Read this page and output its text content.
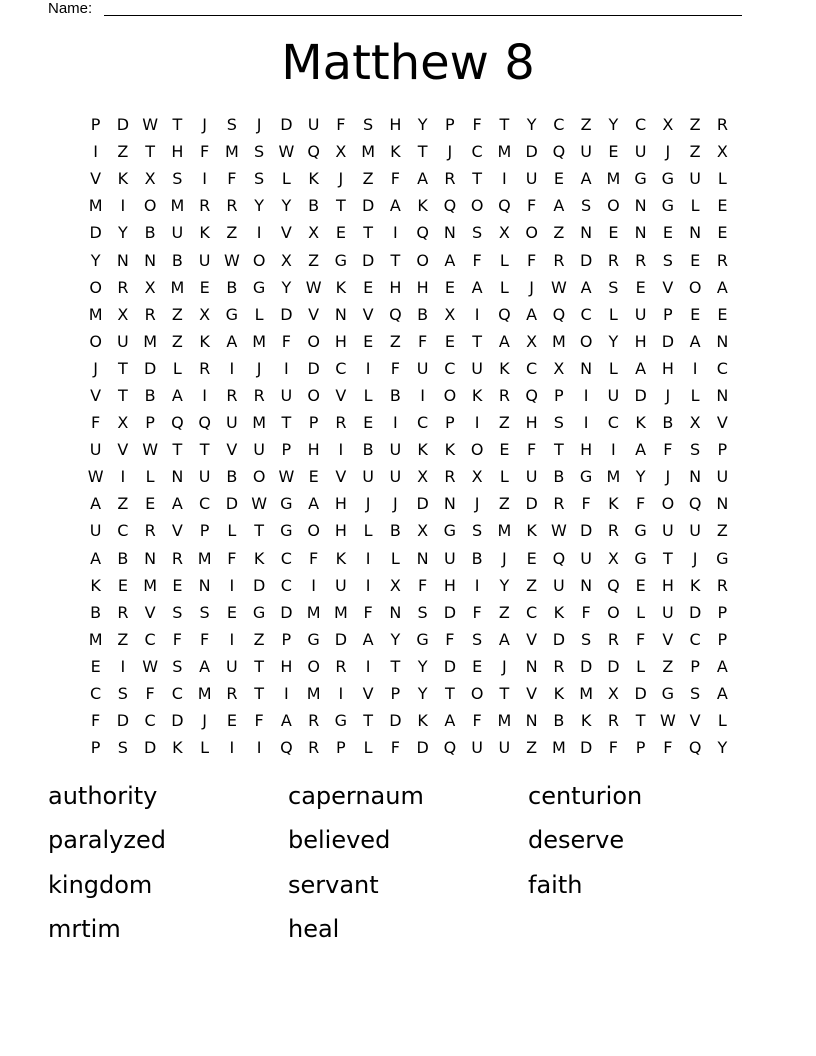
Name:
Matthew 8
P	D W T	J	S	J	D U	F	S	H	Y	P	F	T	Y	C	Z	Y	C	X	Z	R
I	Z	T	H	F M S W Q X M K	T	J	C M D Q U	E	U	J	Z	X
V	K	X	S	I	F	S	L	K	J	Z	F	A	R	T	I	U	E	A M G G U	L
M	I	O M R	R	Y	Y	B	T	D A	K Q O Q	F	A	S O N G	L	E
D	Y	B U	K	Z	I	V	X	E	T	I	Q N	S	X O Z N	E	N	E	N	E
Y	N N B U W O X	Z G D	T	O A	F	L	F	R D R	R	S	E	R
O R	X M E	B G	Y W K	E	H H	E	A	L	J	W A	S	E	V O A
M X	R	Z	X G	L	D V N V Q B	X	I	Q A Q C	L	U	P	E	E
O U M Z	K	A M F	O H	E	Z	F	E	T	A	X M O	Y	H D A N
J	T	D	L	R	I	J	I	D C	I	F	U C U	K	C	X N	L	A H	I	C
V	T	B	A	I	R	R U O V	L	B	I	O K	R Q	P	I	U D	J	L	N
F	X	P	Q Q U M T	P	R	E	I	C	P	I	Z H	S	I	C	K	B	X	V
U V W T	T	V U	P	H	I	B U	K	K O E	F	T	H	I	A	F	S	P
W	I	L	N U B O W E	V U U X	R	X	L	U B G M Y	J	N U
A	Z	E	A	C D W G A H	J	J	D N	J	Z D R	F	K	F	O Q N
U C	R	V	P	L	T	G O H	L	B	X G S M K W D R G U U Z
A	B N R M F	K	C	F	K	I	L	N U B	J	E Q U X G	T	J	G
K	E M E	N	I	D C	I	U	I	X	F	H	I	Y	Z U N Q E	H K	R
B	R	V	S	S	E	G D M M F	N	S	D	F	Z	C	K	F	O	L	U D	P
M Z	C	F	F	I	Z	P	G D A	Y	G	F	S	A	V D	S	R	F	V	C	P
E	I	W S	A U	T	H O R	I	T	Y	D	E	J	N R D D	L	Z	P	A
C	S	F	C M R	T	I	M	I	V	P	Y	T	O	T	V	K M X D G S	A
F	D C D	J	E	F	A	R G	T	D K	A	F M N B	K	R	T W V	L
P	S	D K	L	I	I	Q R	P	L	F	D Q U U Z M D	F	P	F	Q	Y
authority	capernaum	centurion
paralyzed	believed	deserve
kingdom	servant	faith
mrtim	heal
